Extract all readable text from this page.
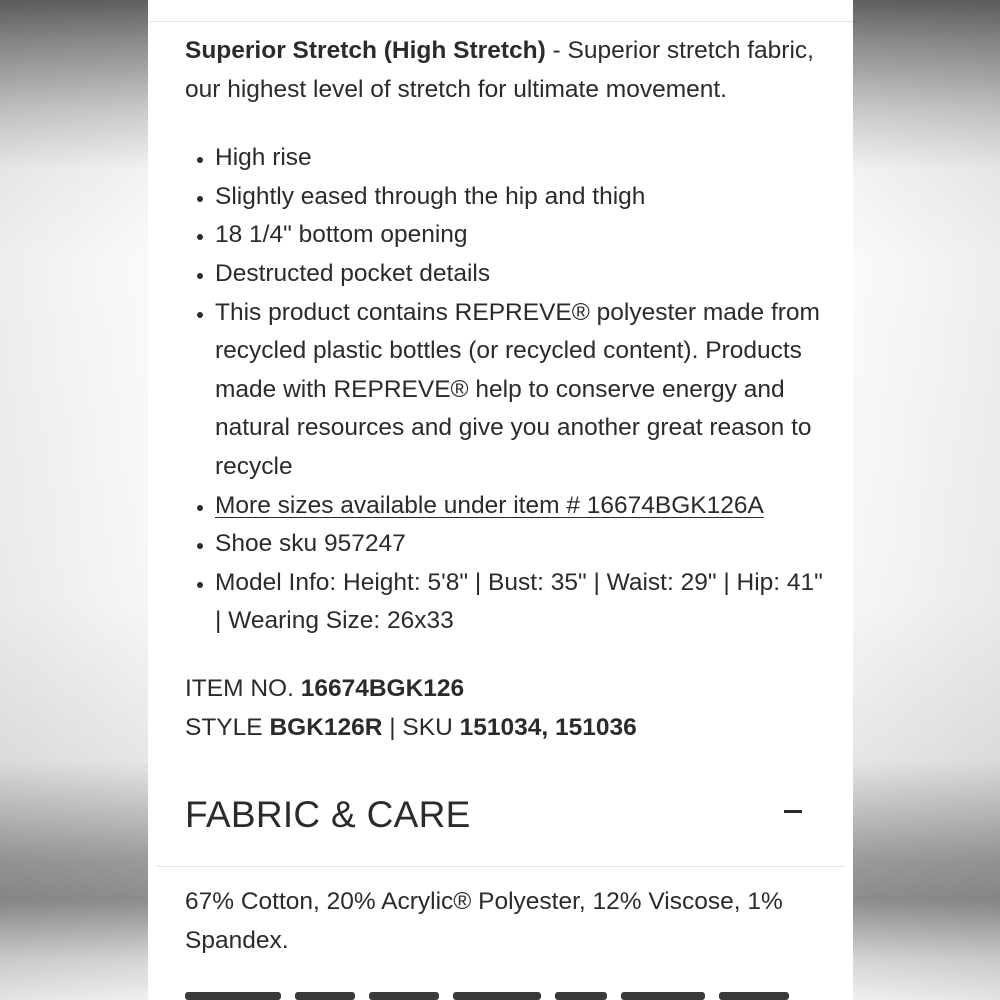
Superior Stretch (High Stretch) - Superior stretch fabric, our highest level of stretch for ultimate movement.

• High rise
• Slightly eased through the hip and thigh
• 18 1/4" bottom opening
• Destructed pocket details
• This product contains REPREVE® polyester made from recycled plastic bottles (or recycled content). Products made with REPREVE® help to conserve energy and natural resources and give you another great reason to recycle
• More sizes available under item # 16674BGK126A
• Shoe sku 957247
• Model Info: Height: 5'8" | Bust: 35" | Waist: 29" | Hip: 41" | Wearing Size: 26x33
ITEM NO. 16674BGK126
STYLE BGK126R | SKU 151034, 151036
FABRIC & CARE

67% Cotton, 20% Acrylic® Polyester, 12% Viscose, 1% Spandex.
